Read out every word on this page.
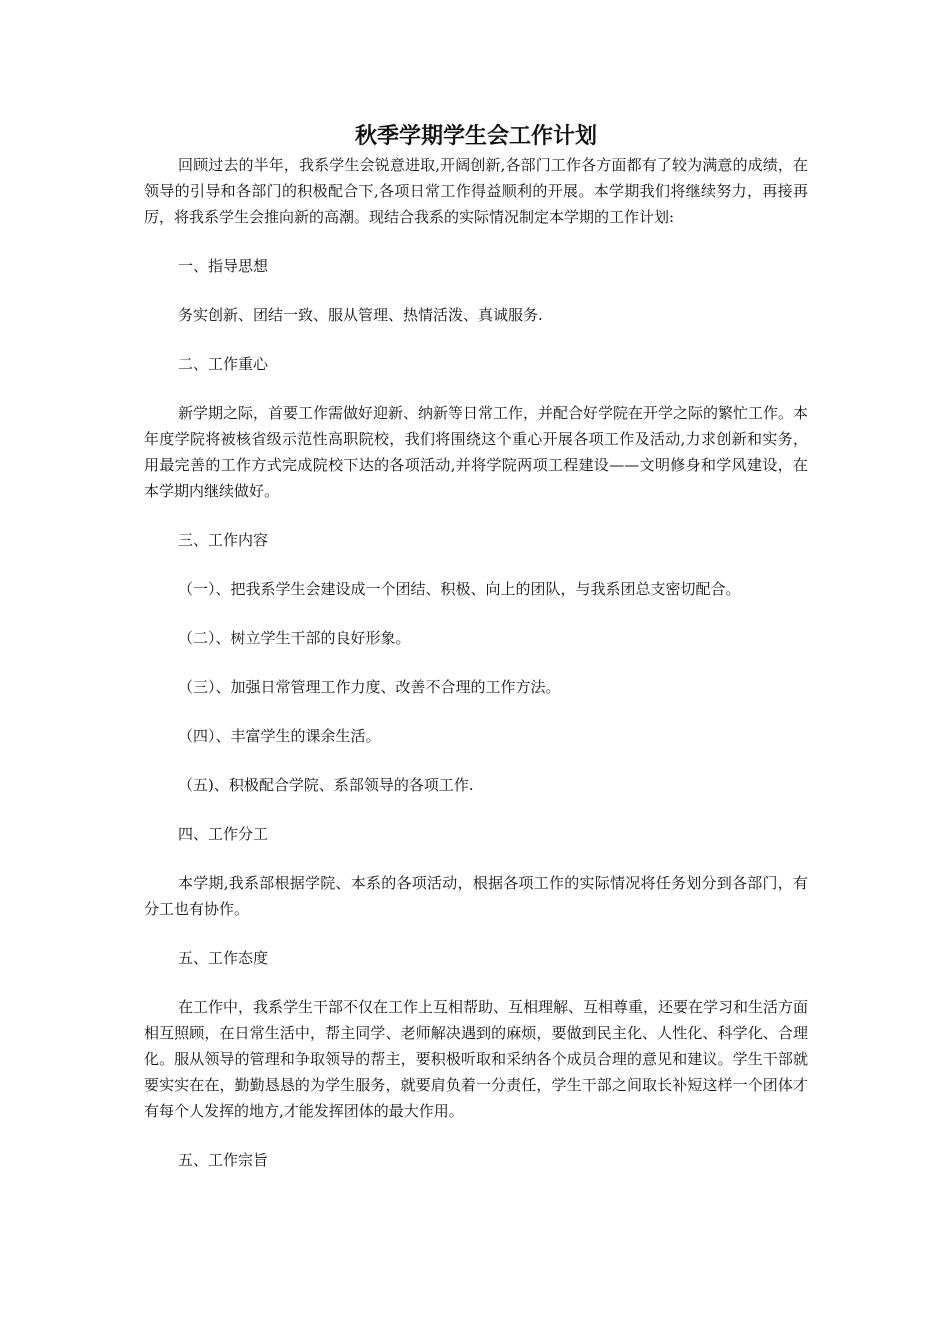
秋季学期学生会工作计划

回顾过去的半年，我系学生会锐意进取,开阔创新,各部门工作各方面都有了较为满意的成绩，在领导的引导和各部门的积极配合下,各项日常工作得益顺利的开展。本学期我们将继续努力，再接再厉，将我系学生会推向新的高潮。现结合我系的实际情况制定本学期的工作计划:

一、指导思想

务实创新、团结一致、服从管理、热情活泼、真诚服务.

二、工作重心

新学期之际，首要工作需做好迎新、纳新等日常工作，并配合好学院在开学之际的繁忙工作。本年度学院将被核省级示范性高职院校，我们将围绕这个重心开展各项工作及活动,力求创新和实务，用最完善的工作方式完成院校下达的各项活动,并将学院两项工程建设——文明修身和学风建设，在本学期内继续做好。

三、工作内容

（一）、把我系学生会建设成一个团结、积极、向上的团队，与我系团总支密切配合。

（二）、树立学生干部的良好形象。

（三）、加强日常管理工作力度、改善不合理的工作方法。

（四）、丰富学生的课余生活。

（五)、积极配合学院、系部领导的各项工作.

四、工作分工

本学期,我系部根据学院、本系的各项活动，根据各项工作的实际情况将任务划分到各部门，有分工也有协作。

五、工作态度

在工作中，我系学生干部不仅在工作上互相帮助、互相理解、互相尊重，还要在学习和生活方面相互照顾，在日常生活中，帮主同学、老师解决遇到的麻烦，要做到民主化、人性化、科学化、合理化。服从领导的管理和争取领导的帮主，要积极听取和采纳各个成员合理的意见和建议。学生干部就要实实在在，勤勤恳恳的为学生服务，就要肩负着一分责任，学生干部之间取长补短这样一个团体才有每个人发挥的地方,才能发挥团体的最大作用。

五、工作宗旨
